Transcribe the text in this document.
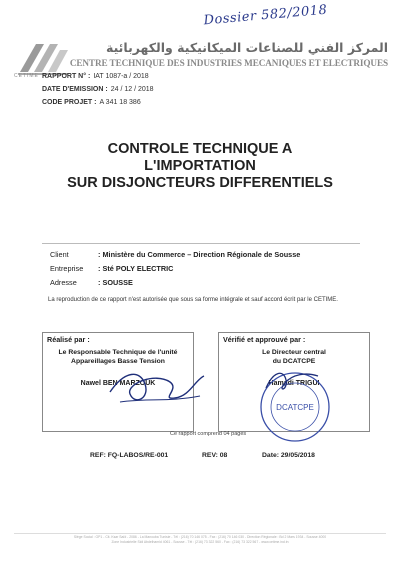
Dossier 582/2018
CETIME
المركز الفني للصناعات الميكانيكية والكهربائية
CENTRE TECHNIQUE DES INDUSTRIES MECANIQUES ET ELECTRIQUES
RAPPORT N° : IAT 1087-a / 2018
DATE D'EMISSION : 24 / 12 / 2018
CODE PROJET : A 341 18 386
CONTROLE TECHNIQUE A
L'IMPORTATION
SUR DISJONCTEURS DIFFERENTIELS
Client	: Ministère du Commerce – Direction Régionale de Sousse
Entreprise	: Sté POLY ELECTRIC
Adresse	: SOUSSE
La reproduction de ce rapport n'est autorisée que sous sa forme intégrale et sauf accord écrit par le CETIME.
Réalisé par :
Le Responsable Technique de l'unité
Appareillages Basse Tension
Nawel BEN MARZOUK
Vérifié et approuvé par :
Le Directeur central
du DCATCPE
Hamadi TRIGUI
DCATCPE
Ce rapport comprend 04 pages
REF: FQ-LABOS/RE-001	REV: 08	Date: 29/05/2018
Siège Social : GP1 - Cit. Ksar Saïd - 2086 - La Manouba Tunisie - Tél : (216) 70 146 075 - Fax : (216) 70 146 030 - Direction Régionale : Bd 2 Mars 1934 - Sousse 4000
Zone Industrielle Sidi Abdelhamid 4061 - Sousse - Tél : (216) 73 322 560 - Fax : (216) 73 322 567 - www.cetime.ind.tn
